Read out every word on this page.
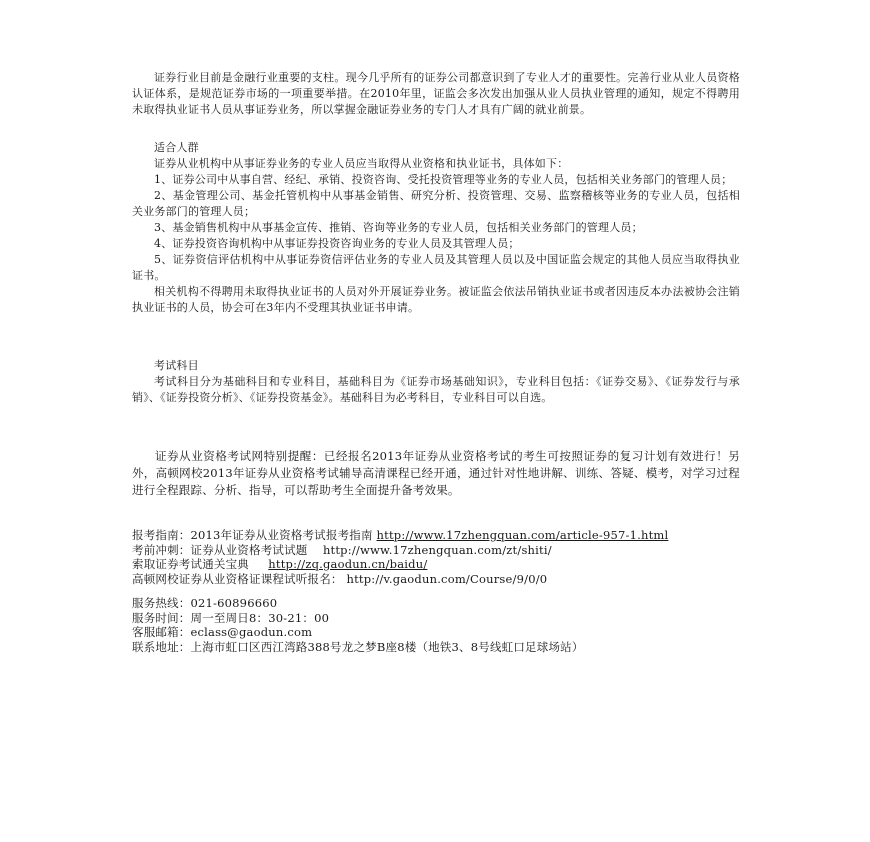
证券行业目前是金融行业重要的支柱。现今几乎所有的证券公司都意识到了专业人才的重要性。完善行业从业人员资格认证体系，是规范证券市场的一项重要举措。在2010年里，证监会多次发出加强从业人员执业管理的通知，规定不得聘用未取得执业证书人员从事证券业务，所以掌握金融证券业务的专门人才具有广阔的就业前景。

适合人群

证券从业机构中从事证券业务的专业人员应当取得从业资格和执业证书，具体如下：

1、证券公司中从事自营、经纪、承销、投资咨询、受托投资管理等业务的专业人员，包括相关业务部门的管理人员；

2、基金管理公司、基金托管机构中从事基金销售、研究分析、投资管理、交易、监察稽核等业务的专业人员，包括相关业务部门的管理人员；

3、基金销售机构中从事基金宣传、推销、咨询等业务的专业人员，包括相关业务部门的管理人员；

4、证券投资咨询机构中从事证券投资咨询业务的专业人员及其管理人员；

5、证券资信评估机构中从事证券资信评估业务的专业人员及其管理人员以及中国证监会规定的其他人员应当取得执业证书。

相关机构不得聘用未取得执业证书的人员对外开展证券业务。被证监会依法吊销执业证书或者因违反本办法被协会注销执业证书的人员，协会可在3年内不受理其执业证书申请。

考试科目

考试科目分为基础科目和专业科目，基础科目为《证券市场基础知识》，专业科目包括：《证券交易》、《证券发行与承销》、《证券投资分析》、《证券投资基金》。基础科目为必考科目，专业科目可以自选。

证券从业资格考试网特别提醒：已经报名2013年证券从业资格考试的考生可按照证券的复习计划有效进行！另外，高顿网校2013年证券从业资格考试辅导高清课程已经开通，通过针对性地讲解、训练、答疑、模考，对学习过程进行全程跟踪、分析、指导，可以帮助考生全面提升备考效果。

报考指南：2013年证券从业资格考试报考指南 http://www.17zhengquan.com/article-957-1.html

考前冲刺：证券从业资格考试试题 http://www.17zhengquan.com/zt/shiti/

索取证券考试通关宝典 http://zq.gaodun.cn/baidu/

高顿网校证券从业资格证课程试听报名： http://v.gaodun.com/Course/9/0/0

服务热线：021-60896660

服务时间：周一至周日8：30-21：00

客服邮箱：eclass@gaodun.com

联系地址：上海市虹口区西江湾路388号龙之梦B座8楼（地铁3、8号线虹口足球场站）
